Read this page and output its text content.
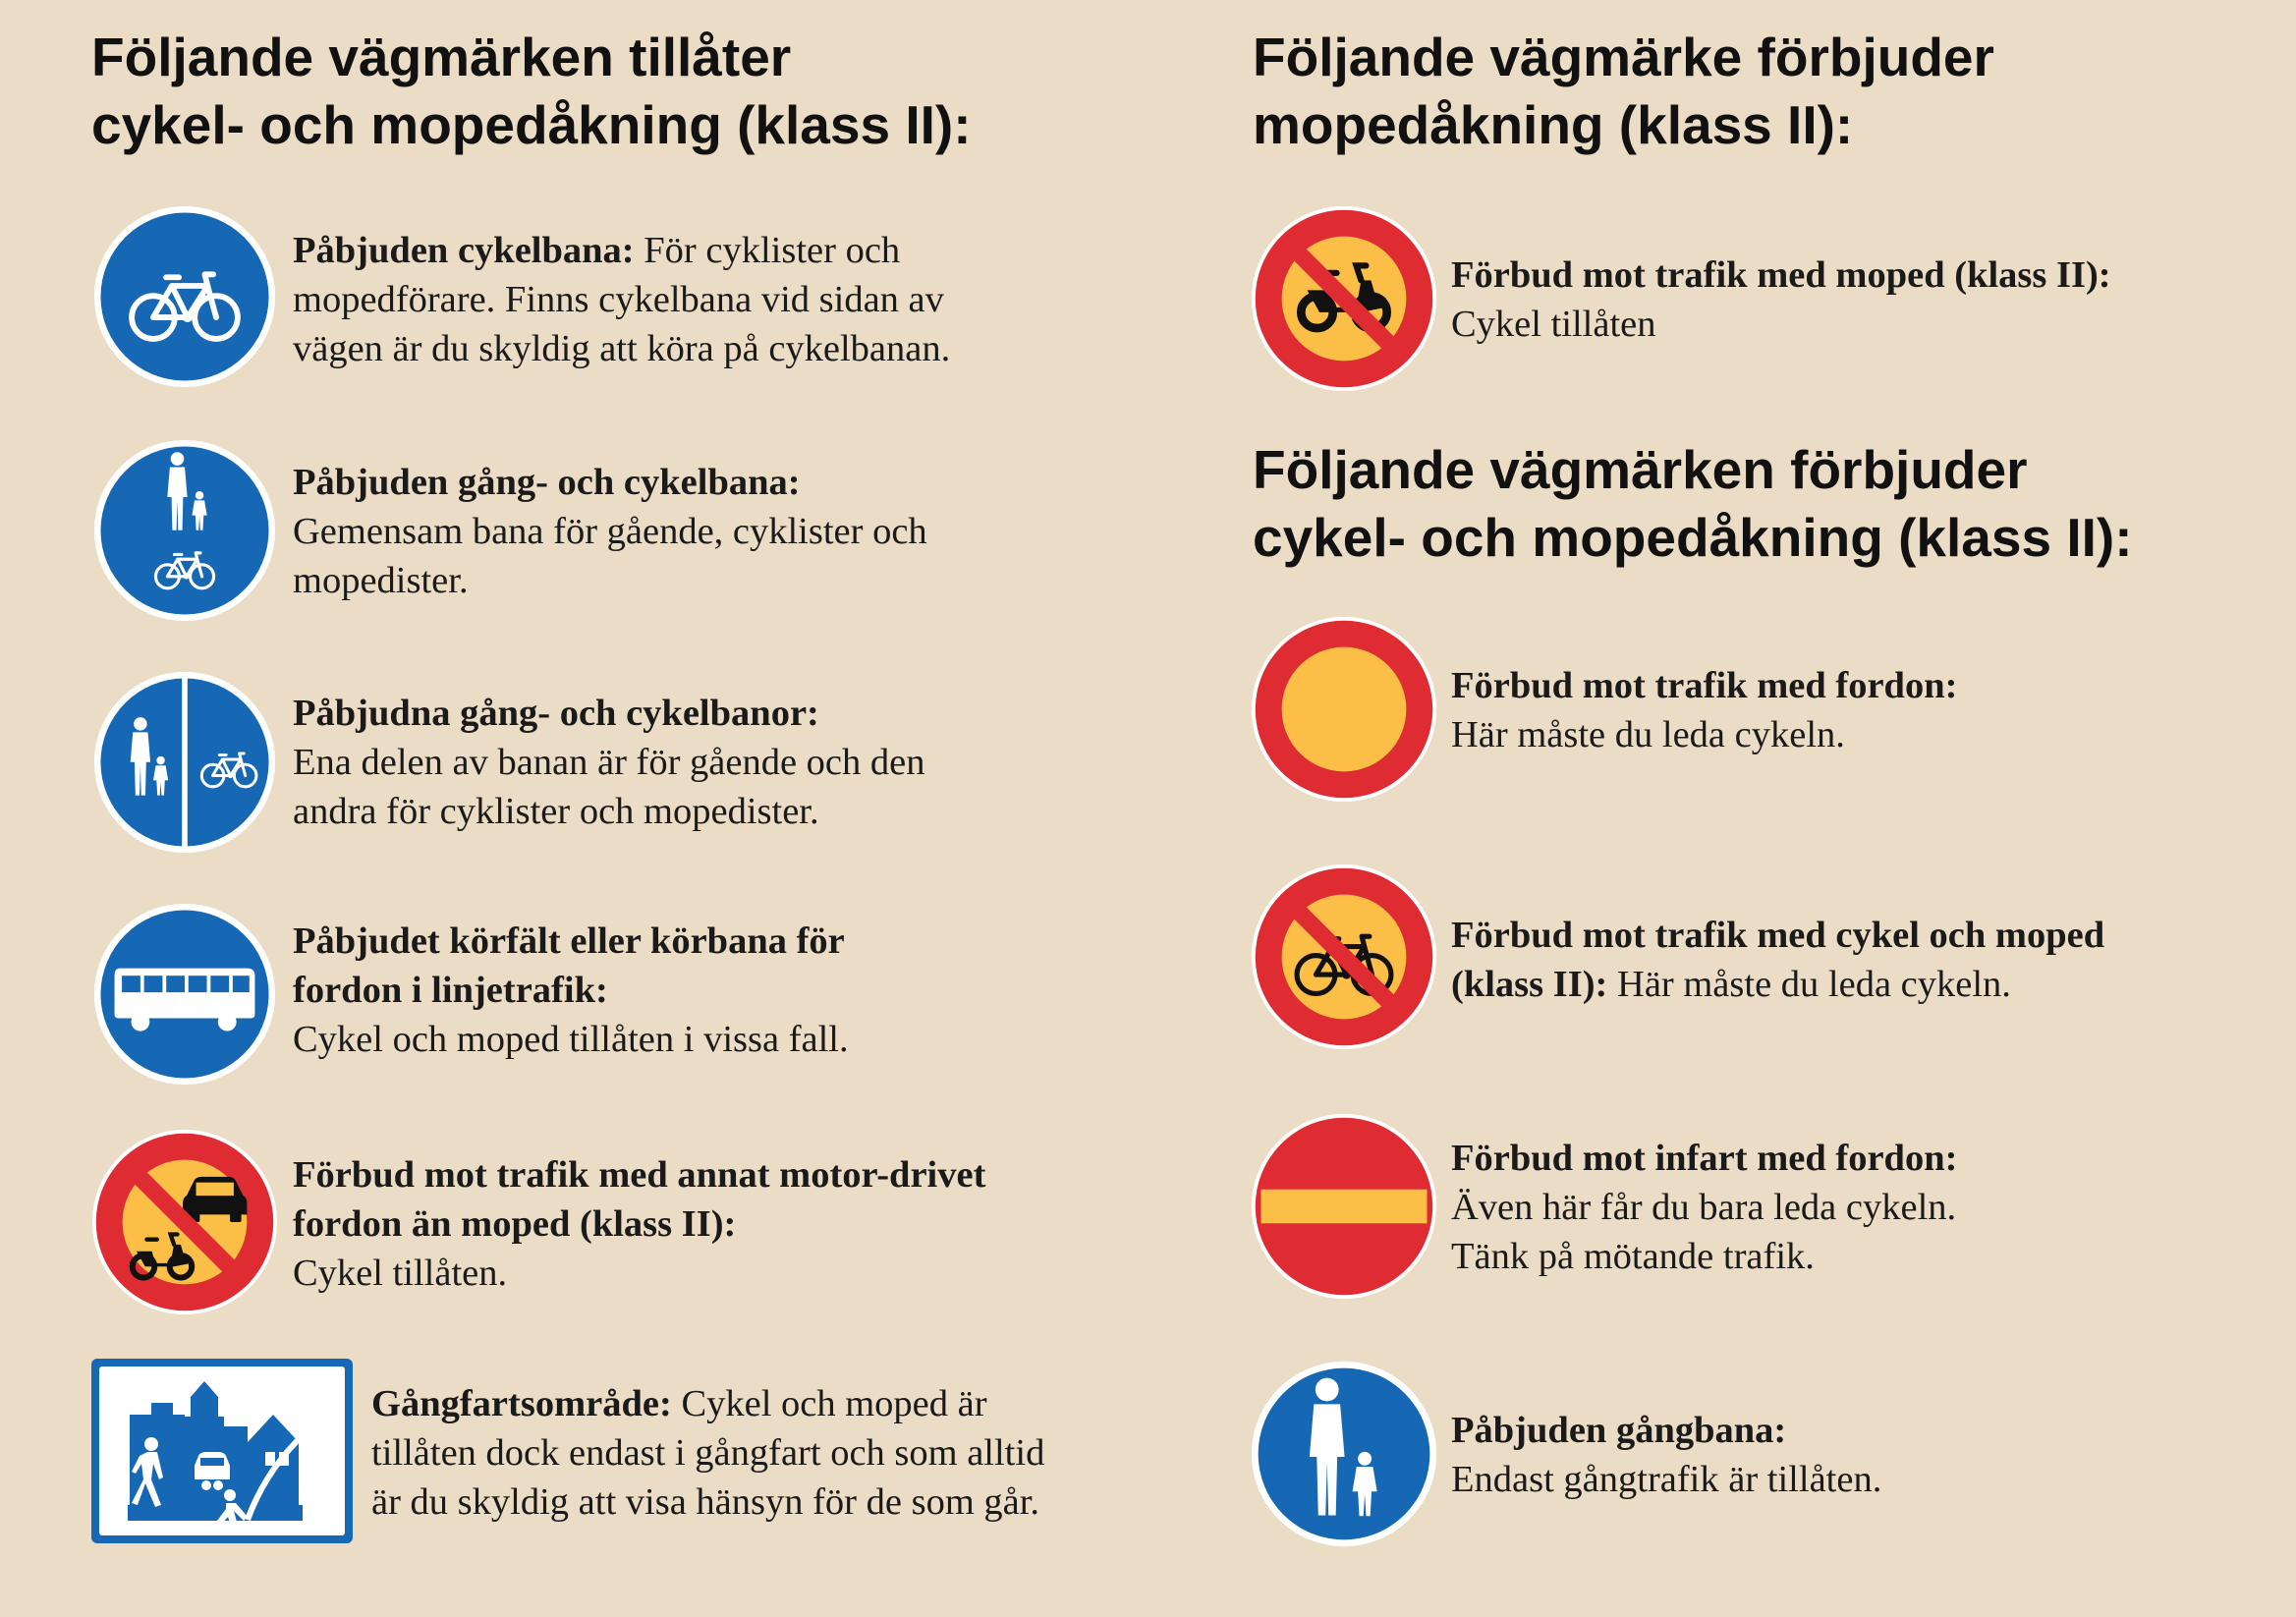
Följande vägmärken tillåter
cykel- och mopedåkning (klass II):
Följande vägmärke förbjuder
mopedåkning (klass II):
Följande vägmärken förbjuder
cykel- och mopedåkning (klass II):

Påbjuden cykelbana: För cyklister och
mopedförare. Finns cykelbana vid sidan av
vägen är du skyldig att köra på cykelbanan.

Påbjuden gång- och cykelbana:
Gemensam bana för gående, cyklister och
mopedister.

Påbjudna gång- och cykelbanor:
Ena delen av banan är för gående och den
andra för cyklister och mopedister.

Påbjudet körfält eller körbana för
fordon i linjetrafik:
Cykel och moped tillåten i vissa fall.

Förbud mot trafik med annat motor-drivet
fordon än moped (klass II):
Cykel tillåten.

Gångfartsområde: Cykel och moped är
tillåten dock endast i gångfart och som alltid
är du skyldig att visa hänsyn för de som går.

Förbud mot trafik med moped (klass II):
Cykel tillåten

Förbud mot trafik med fordon:
Här måste du leda cykeln.

Förbud mot trafik med cykel och moped
(klass II): Här måste du leda cykeln.

Förbud mot infart med fordon:
Även här får du bara leda cykeln.
Tänk på mötande trafik.

Påbjuden gångbana:
Endast gångtrafik är tillåten.
